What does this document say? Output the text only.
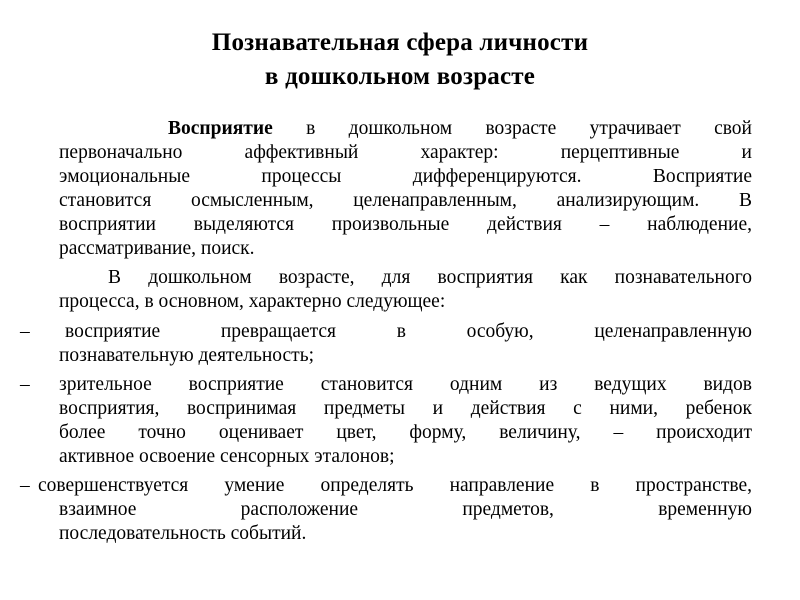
Познавательная сфера личности
в дошкольном возрасте
Восприятие в дошкольном возрасте утрачивает свой
первоначально аффективный характер: перцептивные и
эмоциональные процессы дифференцируются. Восприятие
становится осмысленным, целенаправленным, анализирующим. В
восприятии выделяются произвольные действия – наблюдение,
рассматривание, поиск.
В дошкольном возрасте, для восприятия как познавательного
процесса, в основном, характерно следующее:
–	восприятие превращается в особую, целенаправленную
познавательную деятельность;
– зрительное восприятие становится одним из ведущих видов
восприятия, воспринимая предметы и действия с ними, ребенок
более точно оценивает цвет, форму, величину, – происходит
активное освоение сенсорных эталонов;
– совершенствуется умение определять направление в пространстве,
взаимное расположение предметов, временную
последовательность событий.
